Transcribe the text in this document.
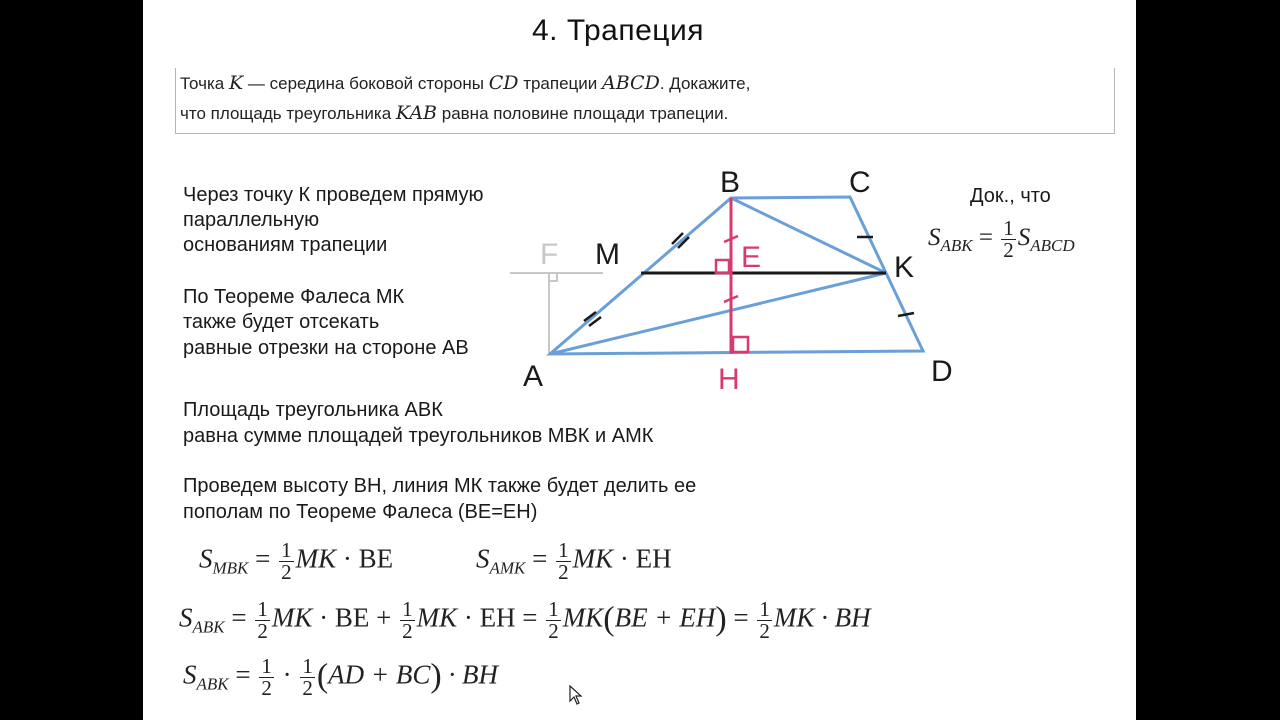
4. Трапеция
Точка K — середина боковой стороны CD трапеции ABCD. Докажите,
что площадь треугольника KAB равна половине площади трапеции.
B	C
A	D
K
M
F	E
H
Док., что
$S_{ABK} = \frac{1}{2} S_{ABCD}$
Через точку К проведем прямую
параллельную
основаниям трапеции
По Теореме Фалеса МК
также будет отсекать
равные отрезки на стороне АВ
Площадь треугольника АВК
равна сумме площадей треугольников МВК и АМК
Проведем высоту ВН, линия МК также будет делить ее
пополам по Теореме Фалеса (ВЕ=ЕН)
$S_{MBK} = \frac{1}{2}$ MK · BE	$S_{AMK} = \frac{1}{2}$ MK · EH
$S_{ABK} = \frac{1}{2}$ MK · BE + $\frac{1}{2}$ MK · EH = $\frac{1}{2} MK(BE + EH) = \frac{1}{2}$ MK · BH
$S_{ABK} = \frac{1}{2} \cdot \frac{1}{2} (AD + BC)$ · BH
